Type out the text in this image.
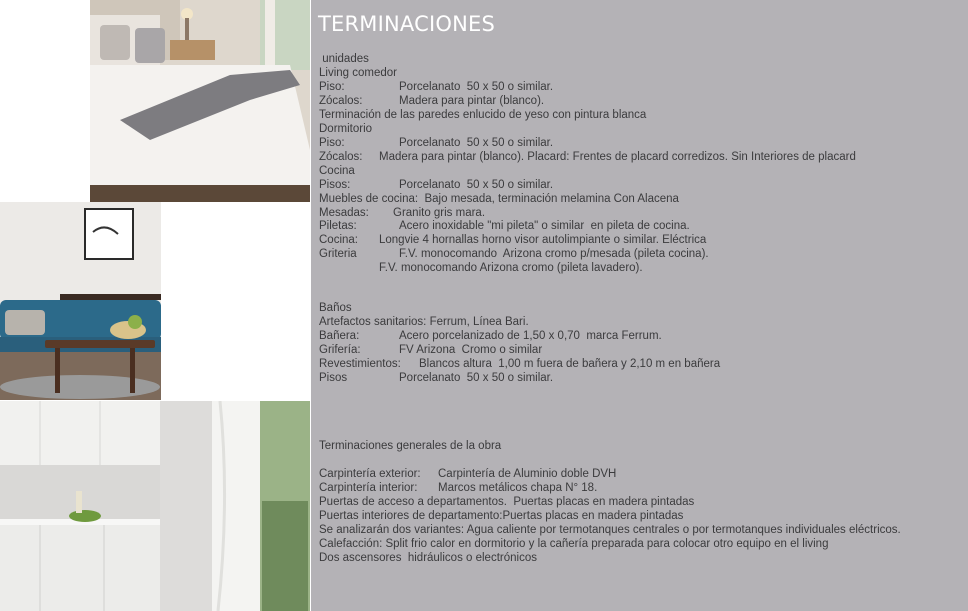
TERMINACIONES
unidades
Living comedor
Piso:	Porcelanato  50 x 50 o similar.
Zócalos:	Madera para pintar (blanco).
Terminación de las paredes enlucido de yeso con pintura blanca
Dormitorio
Piso:	Porcelanato  50 x 50 o similar.
Zócalos: Madera para pintar (blanco). Placard: Frentes de placard corredizos. Sin Interiores de placard
Cocina
Pisos:	Porcelanato  50 x 50 o similar.
Muebles de cocina:  Bajo mesada, terminación melamina Con Alacena
Mesadas: Granito gris mara.
Piletas:	Acero inoxidable "mi pileta" o similar  en pileta de cocina.
Cocina: Longvie 4 hornallas horno visor autolimpiante o similar. Eléctrica
Griteria	F.V. monocomando  Arizona cromo p/mesada (pileta cocina).
F.V. monocomando Arizona cromo (pileta lavadero).
Baños
Artefactos sanitarios: Ferrum, Línea Bari.
Bañera:	Acero porcelanizado de 1,50 x 0,70  marca Ferrum.
Grifería:	FV Arizona  Cromo o similar
Revestimientos: Blancos altura  1,00 m fuera de bañera y 2,10 m en bañera
Pisos	Porcelanato  50 x 50 o similar.
Terminaciones generales de la obra
Carpintería exterior: Carpintería de Aluminio doble DVH
Carpintería interior: Marcos metálicos chapa N° 18.
Puertas de acceso a departamentos.  Puertas placas en madera pintadas
Puertas interiores de departamento:Puertas placas en madera pintadas
Se analizarán dos variantes: Agua caliente por termotanques centrales o por termotanques individuales eléctricos.
Calefacción: Split frio calor en dormitorio y la cañería preparada para colocar otro equipo en el living
Dos ascensores  hidráulicos o electrónicos
